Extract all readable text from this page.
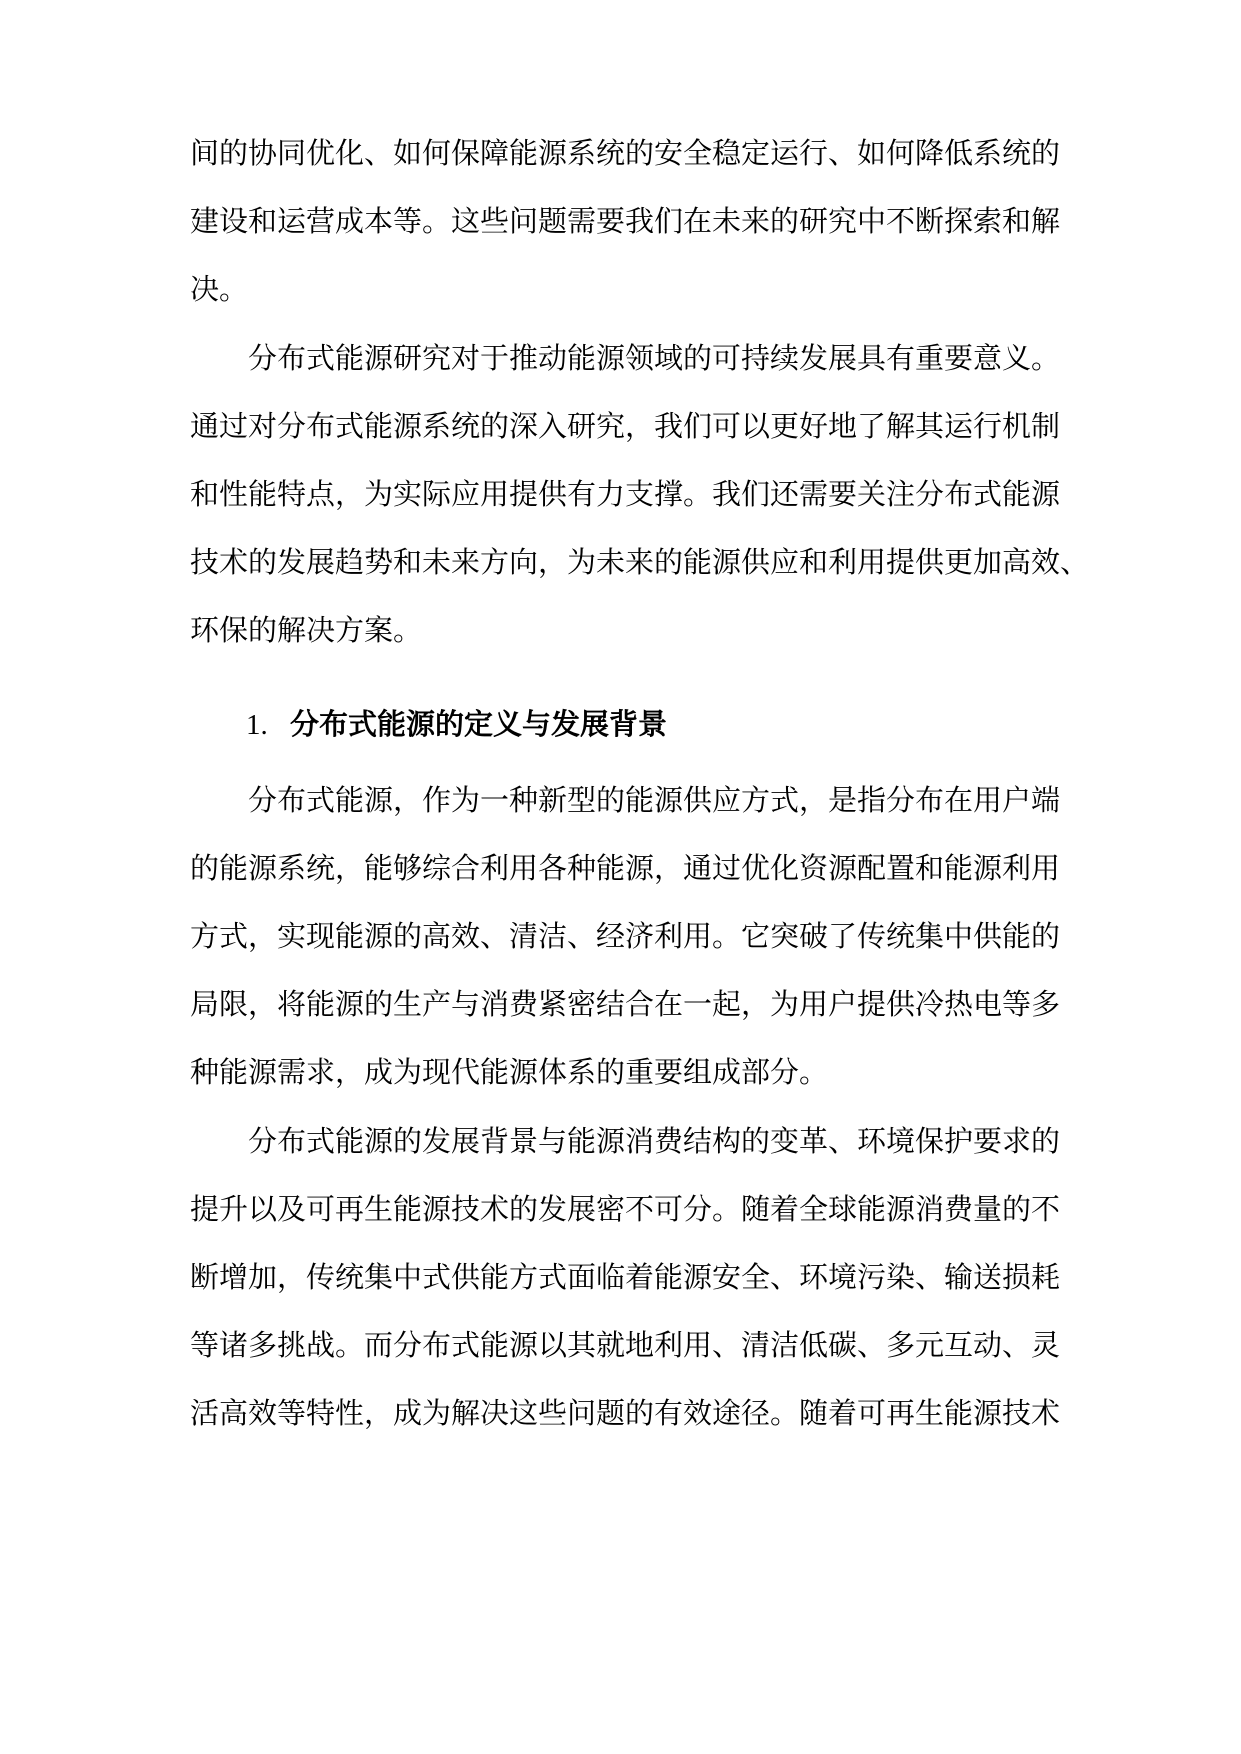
间的协同优化、如何保障能源系统的安全稳定运行、如何降低系统的
建设和运营成本等。这些问题需要我们在未来的研究中不断探索和解
决。
分布式能源研究对于推动能源领域的可持续发展具有重要意义。
通过对分布式能源系统的深入研究，我们可以更好地了解其运行机制
和性能特点，为实际应用提供有力支撑。我们还需要关注分布式能源
技术的发展趋势和未来方向，为未来的能源供应和利用提供更加高效、
环保的解决方案。
1. 分布式能源的定义与发展背景
分布式能源，作为一种新型的能源供应方式，是指分布在用户端
的能源系统，能够综合利用各种能源，通过优化资源配置和能源利用
方式，实现能源的高效、清洁、经济利用。它突破了传统集中供能的
局限，将能源的生产与消费紧密结合在一起，为用户提供冷热电等多
种能源需求，成为现代能源体系的重要组成部分。
分布式能源的发展背景与能源消费结构的变革、环境保护要求的
提升以及可再生能源技术的发展密不可分。随着全球能源消费量的不
断增加，传统集中式供能方式面临着能源安全、环境污染、输送损耗
等诸多挑战。而分布式能源以其就地利用、清洁低碳、多元互动、灵
活高效等特性，成为解决这些问题的有效途径。随着可再生能源技术
